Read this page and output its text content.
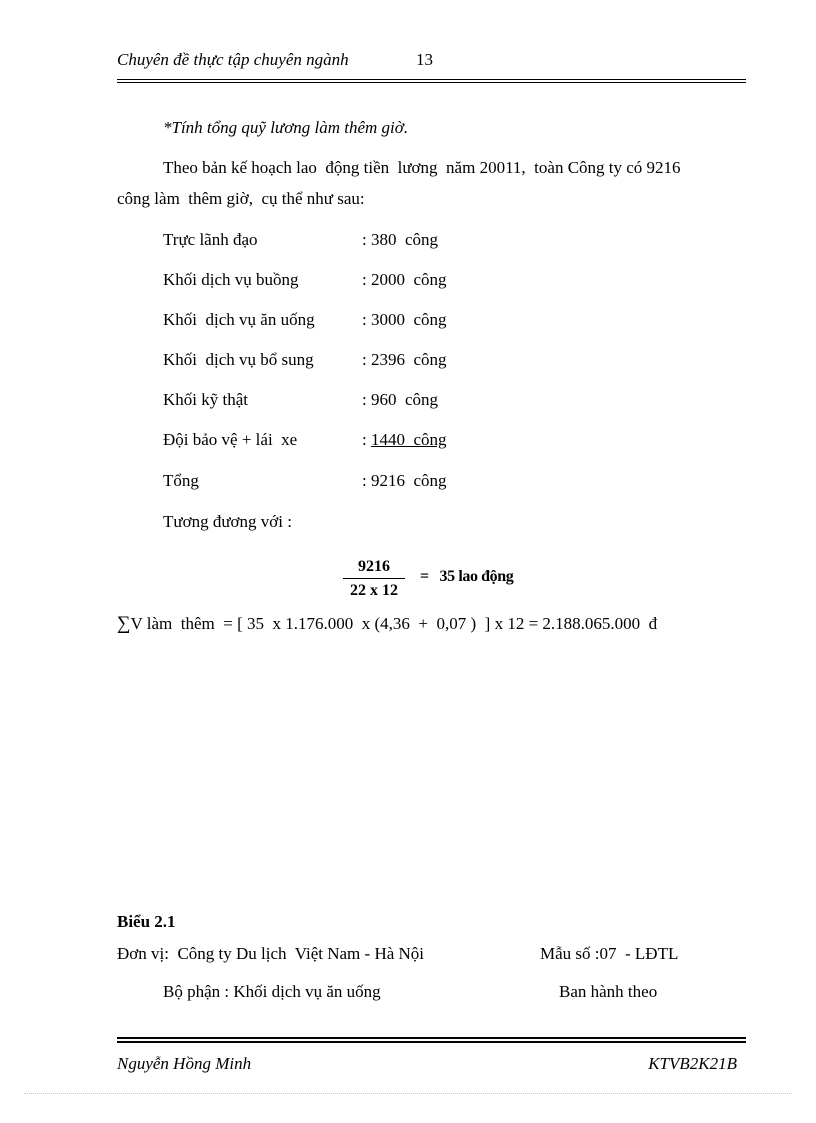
Chuyên đề thực tập chuyên ngành	13
*Tính tổng quỹ lương làm thêm giờ.
Theo bản kế hoạch lao  động tiền  lương  năm 20011,  toàn Công ty có 9216
công làm  thêm giờ,  cụ thể như sau:
Trực lãnh đạo	: 380  công
Khối dịch vụ buồng	: 2000  công
Khối  dịch vụ ăn uống	: 3000  công
Khối  dịch vụ bổ sung	: 2396  công
Khối kỹ thật	: 960  công
Đội bảo vệ + lái  xe	: 1440  công
Tổng	: 9216  công
Tương đương với :
$\frac{9216}{22 x 12} = 35$ lao động
∑V làm  thêm  = [ 35  x 1.176.000  x (4,36  +  0,07 )  ] x 12 = 2.188.065.000  đ
Biểu 2.1
Đơn vị:  Công ty Du lịch  Việt Nam - Hà Nội	Mẫu số :07  - LĐTL
Bộ phận : Khối dịch vụ ăn uống	Ban hành theo
Nguyễn Hồng Minh	KTVB2K21B
